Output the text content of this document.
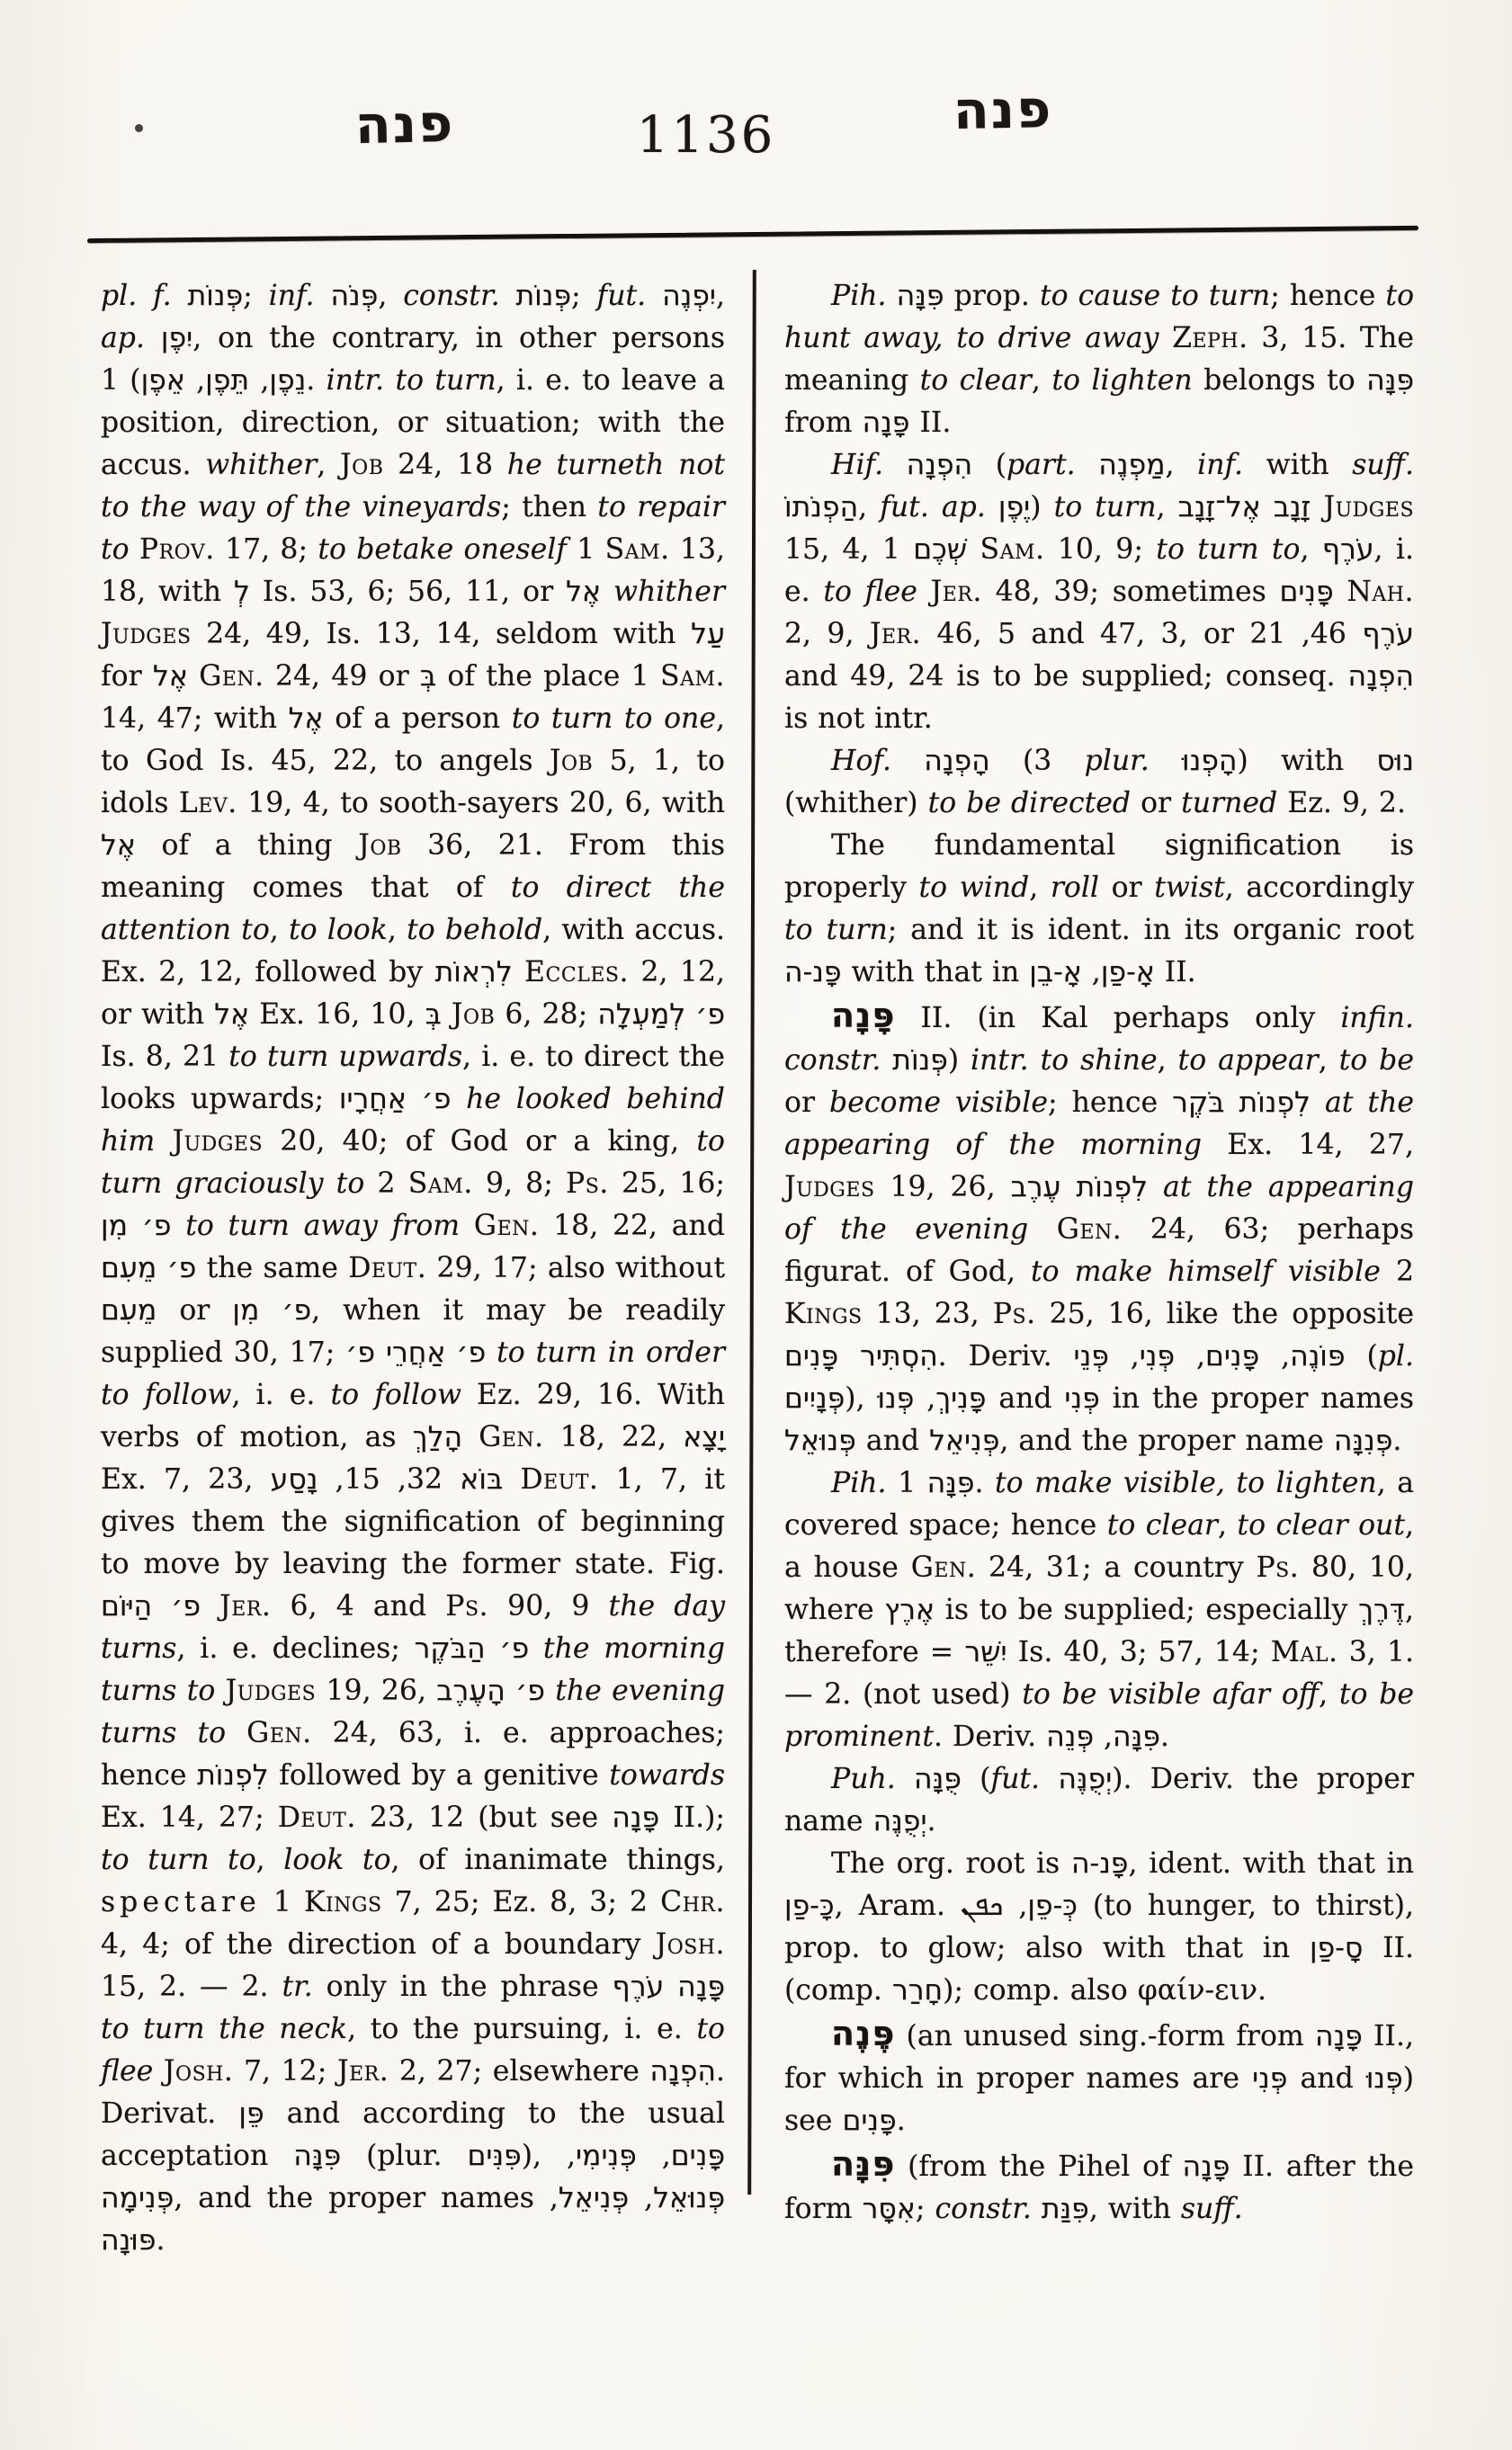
פנה	1136	פנה

pl. f. פְּנוֹת; inf. פְּנֹה, constr. פְּנוֹת; fut. יִפְנֶה, ap. יִפֶן, on the contrary, in other persons נֵפֶן, תֵּפֶן, אֵפֶן) 1. intr. to turn, i. e. to leave a position, direction, or situation; with the accus. whither, Job 24, 18 he turneth not to the way of the vineyards; then to repair to Prov. 17, 8; to betake oneself 1 Sam. 13, 18, with לְ Is. 53, 6; 56, 11, or אֶל whither Judges 24, 49, Is. 13, 14, seldom with עַל for אֶל Gen. 24, 49 or בְּ of the place 1 Sam. 14, 47; with אֶל of a person to turn to one, to God Is. 45, 22, to angels Job 5, 1, to idols Lev. 19, 4, to sooth-sayers 20, 6, with אֶל of a thing Job 36, 21. From this meaning comes that of to direct the attention to, to look, to behold, with accus. Ex. 2, 12, followed by לִרְאוֹת Eccles. 2, 12, or with אֶל Ex. 16, 10, בְּ Job 6, 28; פ׳ לְמַעְלָה Is. 8, 21 to turn upwards, i. e. to direct the looks upwards; פ׳ אַחֲרָיו he looked behind him Judges 20, 40; of God or a king, to turn graciously to 2 Sam. 9, 8; Ps. 25, 16; פ׳ מִן to turn away from Gen. 18, 22, and פ׳ מֵעִם the same Deut. 29, 17; also without מֵעִם or פ׳ מִן, when it may be readily supplied 30, 17; פ׳ אַחֲרֵי פ׳ to turn in order to follow, i. e. to follow Ez. 29, 16. With verbs of motion, as הָלַךְ Gen. 18, 22, יָצָא Ex. 7, 23, בּוֹא 32, 15, נָסַע Deut. 1, 7, it gives them the signification of beginning to move by leaving the former state. Fig. פ׳ הַיּוֹם Jer. 6, 4 and Ps. 90, 9 the day turns, i. e. declines; פ׳ הַבֹּקֶר the morning turns to Judges 19, 26, פ׳ הָעֶרֶב the evening turns to Gen. 24, 63, i. e. approaches; hence לִפְנוֹת followed by a genitive towards Ex. 14, 27; Deut. 23, 12 (but see פָּנָה II.); to turn to, look to, of inanimate things, spectare 1 Kings 7, 25; Ez. 8, 3; 2 Chr. 4, 4; of the direction of a boundary Josh. 15, 2. — 2. tr. only in the phrase פָּנָה עֹרֶף to turn the neck, to the pursuing, i. e. to flee Josh. 7, 12; Jer. 2, 27; elsewhere הִפְנָה. Derivat. פֵּן and according to the usual acceptation פִּנָּה (plur. פִּנִּים), פָּנִים, פְּנִימִי, פְּנִימָה, and the proper names פְּנוּאֵל, פְּנִיאֵל, פּוּנָה.

Pih. פִּנָּה prop. to cause to turn; hence to hunt away, to drive away Zeph. 3, 15. The meaning to clear, to lighten belongs to פִּנָּה from פָּנָה II.

Hif. הִפְנָה (part. מַפְנֶה, inf. with suff. הַפְנֹתוֹ, fut. ap. יֶפֶן) to turn, זָנָב אֶל־זָנָב Judges 15, 4, שְׁכֶם 1 Sam. 10, 9; to turn to, עֹרֶף, i. e. to flee Jer. 48, 39; sometimes פָּנִים Nah. 2, 9, Jer. 46, 5 and 47, 3, or עֹרֶף 46, 21 and 49, 24 is to be supplied; conseq. הִפְנָה is not intr.

Hof. הָפְנָה (3 plur. הָפְנוּ) with נוּס (whither) to be directed or turned Ez. 9, 2.

The fundamental signification is properly to wind, roll or twist, accordingly to turn; and it is ident. in its organic root פָּנ-ה with that in אָ-פַן, אָ-בֵן II.

פָּנָה II. (in Kal perhaps only infin. constr. פְּנוֹת) intr. to shine, to appear, to be or become visible; hence לִפְנוֹת בֹּקֶר at the appearing of the morning Ex. 14, 27, Judges 19, 26, לִפְנוֹת עֶרֶב at the appearing of the evening Gen. 24, 63; perhaps figurat. of God, to make himself visible 2 Kings 13, 23, Ps. 25, 16, like the opposite הִסְתִּיר פָּנִים. Deriv. פּוֹנֶה, פָּנִים, פְּנִי, פְּנֵי (pl. פְּנָיִים), פָּנִיךְ, פְּנוּ and פְּנִי in the proper names פְּנוּאֵל and פְּנִיאֵל, and the proper name פְּנִנָּה.

Pih. פִּנָּה 1. to make visible, to lighten, a covered space; hence to clear, to clear out, a house Gen. 24, 31; a country Ps. 80, 10, where אֶרֶץ is to be supplied; especially דֶּרֶךְ, therefore = יִשֵּׁר Is. 40, 3; 57, 14; Mal. 3, 1. — 2. (not used) to be visible afar off, to be prominent. Deriv. פִּנָּה, פְּנֵה.

Puh. פֻּנָּה (fut. יְפֻנֶּה). Deriv. the proper name יְפֻנֶּה.

The org. root is פָּנ-ה, ident. with that in כָּ-פַן, Aram. כְּ-פֵן, ܟܦܢ (to hunger, to thirst), prop. to glow; also with that in סָ-פַן II. (comp. חָרַר); comp. also φαίν-ειν.

פֶּנֶה (an unused sing.-form from פָּנָה II., for which in proper names are פְּנִי and פְּנוּ) see פָּנִים.

פִּנָּה (from the Pihel of פָּנָה II. after the form אִסָּר; constr. פִּנַּת, with suff.
